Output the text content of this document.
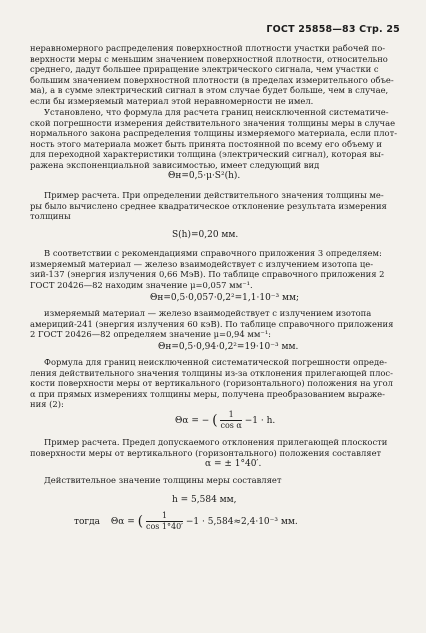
ГОСТ 25858—83 Стр. 25
неравномерного распределения поверхностной плотности участки рабочей по-
верхности меры с меньшим значением поверхностной плотности, относительно
среднего, дадут большее приращение электрического сигнала, чем участки с
большим значением поверхностной плотности (в пределах измерительного объе-
ма), а в сумме электрический сигнал в этом случае будет больше, чем в случае,
если бы измеряемый материал этой неравномерности не имел.
Установлено, что формула для расчета границ неисключенной систематиче-
ской погрешности измерения действительного значения толщины меры в случае
нормального закона распределения толщины измеряемого материала, если плот-
ность этого материала может быть принята постоянной по всему его объему и
для переходной характеристики толщина (электрический сигнал), которая вы-
ражена экспоненциальной зависимостью, имеет следующий вид
Θн=0,5·μ·S²(h).
Пример расчета. При определении действительного значения толщины ме-
ры было вычислено среднее квадратическое отклонение результата измерения
толщины
S(h)=0,20 мм.
В соответствии с рекомендациями справочного приложения 3 определяем:
измеряемый материал — железо взаимодействует с излучением изотопа це-
зий-137 (энергия излучения 0,66 МэВ). По таблице справочного приложения 2
ГОСТ 20426—82 находим значение μ=0,057 мм⁻¹.
Θн=0,5·0,057·0,2²=1,1·10⁻³ мм;
измеряемый материал — железо взаимодействует с излучением изотопа
америций-241 (энергия излучения 60 кэВ). По таблице справочного приложения
2 ГОСТ 20426—82 определяем значение μ=0,94 мм⁻¹:
Θн=0,5·0,94·0,2²=19·10⁻³ мм.
Формула для границ неисключенной систематической погрешности опреде-
ления действительного значения толщины из-за отклонения прилегающей плос-
кости поверхности меры от вертикального (горизонтального) положения на угол
α при прямых измерениях толщины меры, получена преобразованием выраже-
ния (2):
Θα = − ( $\frac{1}{\text{cos α}} -1 \cdot h$.
Пример расчета. Предел допускаемого отклонения прилегающей плоскости
поверхности меры от вертикального (горизонтального) положения составляет
α = ± 1°40′.
Действительное значение толщины меры составляет
h = 5,584 мм,
тогда Θα = ( $\frac{1}{\cos 1^\circ 40'} -1 \cdot 5,584\approx 2,4\cdot 10^{-3}$ мм.
